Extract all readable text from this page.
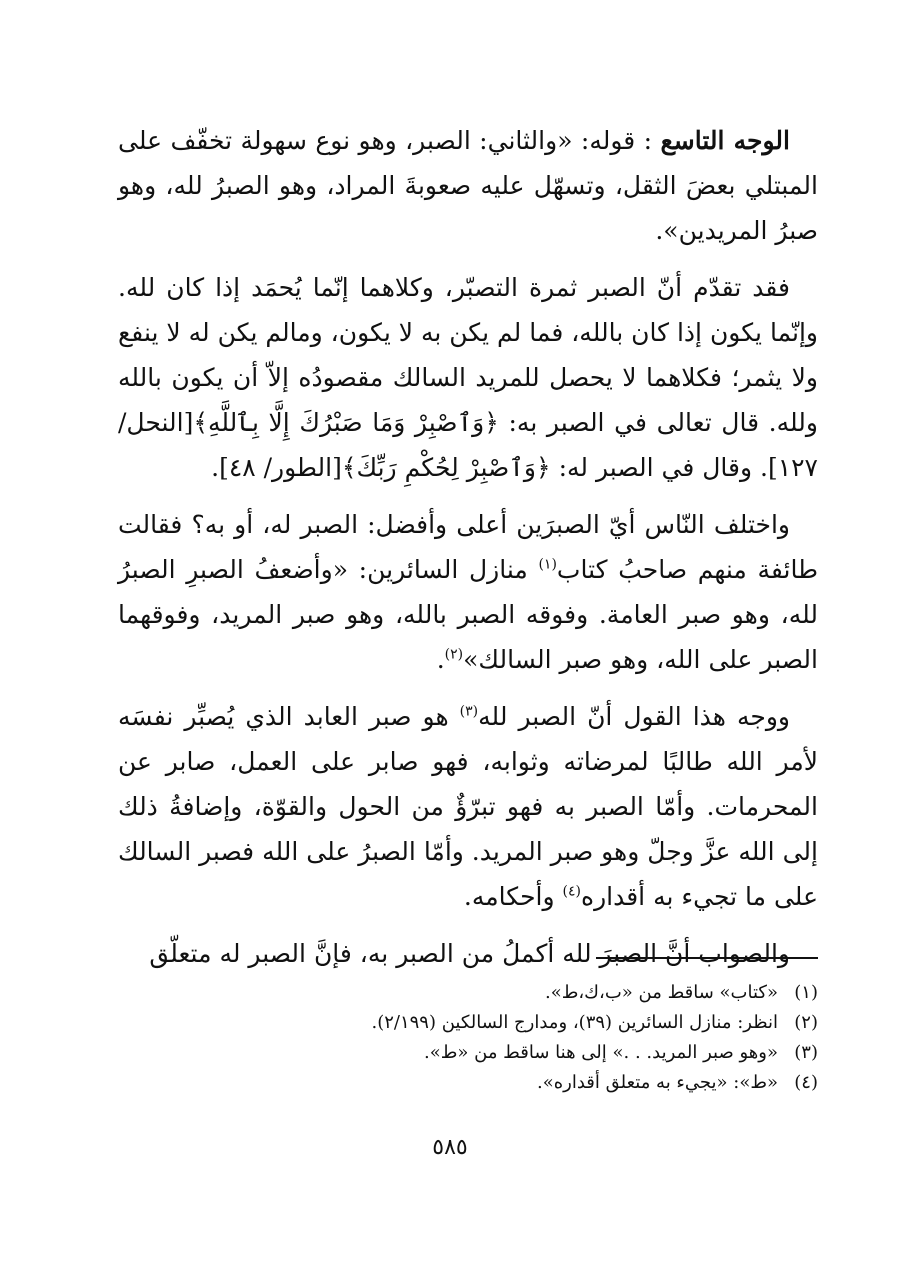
الوجه التاسع : قوله: «والثاني: الصبر، وهو نوع سهولة تخفّف على المبتلي بعضَ الثقل، وتسهّل عليه صعوبةَ المراد، وهو الصبرُ لله، وهو صبرُ المريدين».

فقد تقدّم أنّ الصبر ثمرة التصبّر، وكلاهما إنّما يُحمَد إذا كان لله. وإنّما يكون إذا كان بالله، فما لم يكن به لا يكون، ومالم يكن له لا ينفع ولا يثمر؛ فكلاهما لا يحصل للمريد السالك مقصودُه إلاّ أن يكون بالله ولله. قال تعالى في الصبر به: ﴿وَٱصْبِرْ وَمَا صَبْرُكَ إِلَّا بِٱللَّهِ﴾[النحل/ ١٢٧]. وقال في الصبر له: ﴿وَٱصْبِرْ لِحُكْمِ رَبِّكَ﴾[الطور/ ٤٨].

واختلف النّاس أيّ الصبرَين أعلى وأفضل: الصبر له، أو به؟ فقالت طائفة منهم صاحبُ كتاب$^{(١)}$ منازل السائرين: «وأضعفُ الصبرِ الصبرُ لله، وهو صبر العامة. وفوقه الصبر بالله، وهو صبر المريد، وفوقهما الصبر على الله، وهو صبر السالك»$^{(٢)}$.

ووجه هذا القول أنّ الصبر لله$^{(٣)}$ هو صبر العابد الذي يُصبِّر نفسَه لأمر الله طالبًا لمرضاته وثوابه، فهو صابر على العمل، صابر عن المحرمات. وأمّا الصبر به فهو تبرّؤٌ من الحول والقوّة، وإضافةُ ذلك إلى الله عزَّ وجلّ وهو صبر المريد. وأمّا الصبرُ على الله فصبر السالك على ما تجيء به أقداره$^{(٤)}$ وأحكامه.

والصواب أنَّ الصبرَ لله أكملُ من الصبر به، فإنَّ الصبر له متعلّق

(١)«كتاب» ساقط من «ب،ك،ط».

(٢)انظر: منازل السائرين (٣٩)، ومدارج السالكين (٢/١٩٩).

(٣)«وهو صبر المريد. . .» إلى هنا ساقط من «ط».

(٤)«ط»: «يجيء به متعلق أقداره».

٥٨٥
